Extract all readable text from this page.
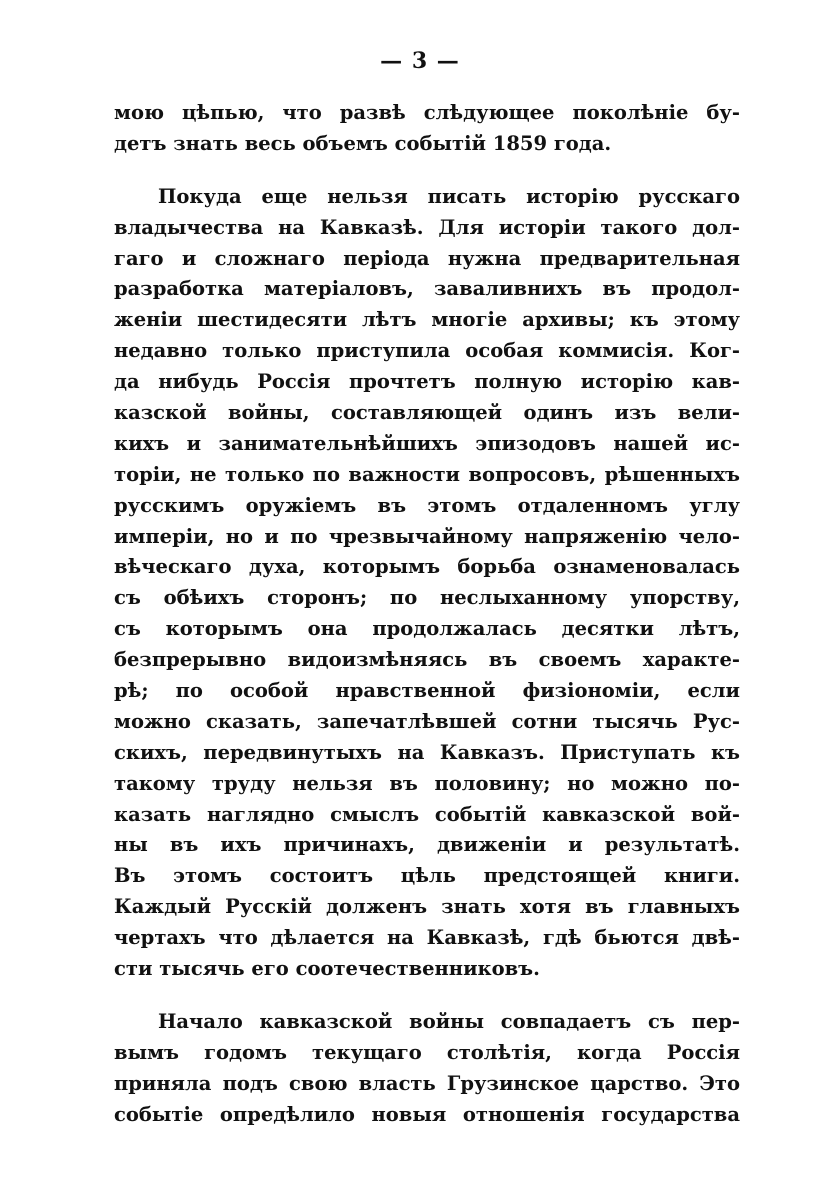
— 3 —
мою цѣпью, что развѣ слѣдующее поколѣніе бу-
детъ знать весь объемъ событій 1859 года.
Покуда еще нельзя писать исторію русскаго
владычества на Кавказѣ. Для исторіи такого дол-
гаго и сложнаго періода нужна предварительная
разработка матеріаловъ, заваливнихъ въ продол-
женіи шестидесяти лѣтъ многіе архивы; къ этому
недавно только приступила особая коммисія. Ког-
да нибудь Россія прочтетъ полную исторію кав-
казской войны, составляющей одинъ изъ вели-
кихъ и занимательнѣйшихъ эпизодовъ нашей ис-
торіи, не только по важности вопросовъ, рѣшенныхъ
русскимъ оружіемъ въ этомъ отдаленномъ углу
имперіи, но и по чрезвычайному напряженію чело-
вѣческаго духа, которымъ борьба ознаменовалась
съ обѣихъ сторонъ; по неслыханному упорству,
съ которымъ она продолжалась десятки лѣтъ,
безпрерывно видоизмѣняясь въ своемъ характе-
рѣ; по особой нравственной физіономіи, если
можно сказать, запечатлѣвшей сотни тысячь Рус-
скихъ, передвинутыхъ на Кавказъ. Приступать къ
такому труду нельзя въ половину; но можно по-
казать наглядно смыслъ событій кавказской вой-
ны въ ихъ причинахъ, движеніи и результатѣ.
Въ этомъ состоитъ цѣль предстоящей книги.
Каждый Русскій долженъ знать хотя въ главныхъ
чертахъ что дѣлается на Кавказѣ, гдѣ бьются двѣ-
сти тысячь его соотечественниковъ.
Начало кавказской войны совпадаетъ съ пер-
вымъ годомъ текущаго столѣтія, когда Россія
приняла подъ свою власть Грузинское царство. Это
событіе опредѣлило новыя отношенія государства
